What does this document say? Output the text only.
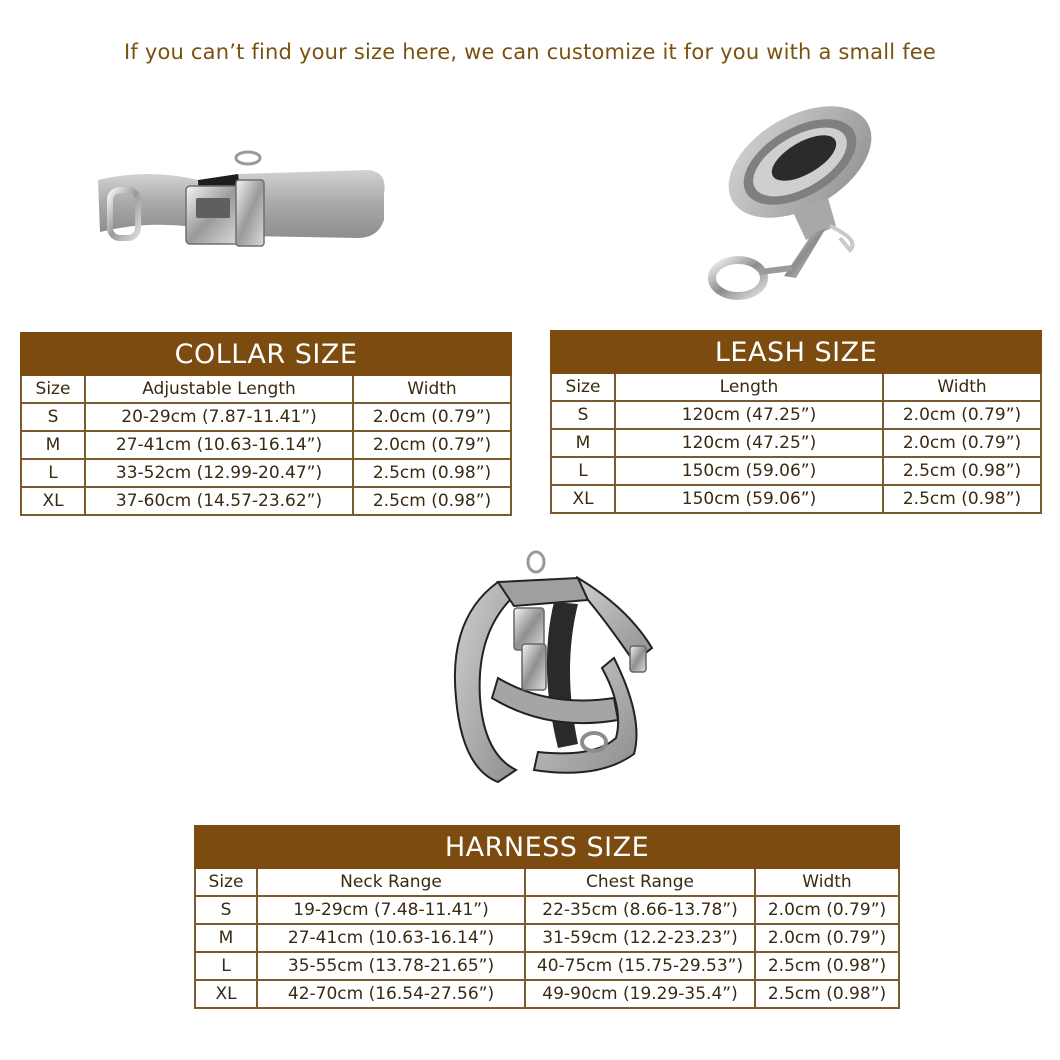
If you can’t find your size here, we can customize it for you with a small fee
COLLAR SIZE		
Size	Adjustable Length	Width
S	20-29cm (7.87-11.41”)	2.0cm (0.79”)
M	27-41cm (10.63-16.14”)	2.0cm (0.79”)
L	33-52cm (12.99-20.47”)	2.5cm (0.98”)
XL	37-60cm (14.57-23.62”)	2.5cm (0.98”)
LEASH SIZE		
Size	Length	Width
S	120cm (47.25”)	2.0cm (0.79”)
M	120cm (47.25”)	2.0cm (0.79”)
L	150cm (59.06”)	2.5cm (0.98”)
XL	150cm (59.06”)	2.5cm (0.98”)
HARNESS SIZE			
Size	Neck Range	Chest Range	Width
S	19-29cm (7.48-11.41”)	22-35cm (8.66-13.78”)	2.0cm (0.79”)
M	27-41cm (10.63-16.14”)	31-59cm (12.2-23.23”)	2.0cm (0.79”)
L	35-55cm (13.78-21.65”)	40-75cm (15.75-29.53”)	2.5cm (0.98”)
XL	42-70cm (16.54-27.56”)	49-90cm (19.29-35.4”)	2.5cm (0.98”)
